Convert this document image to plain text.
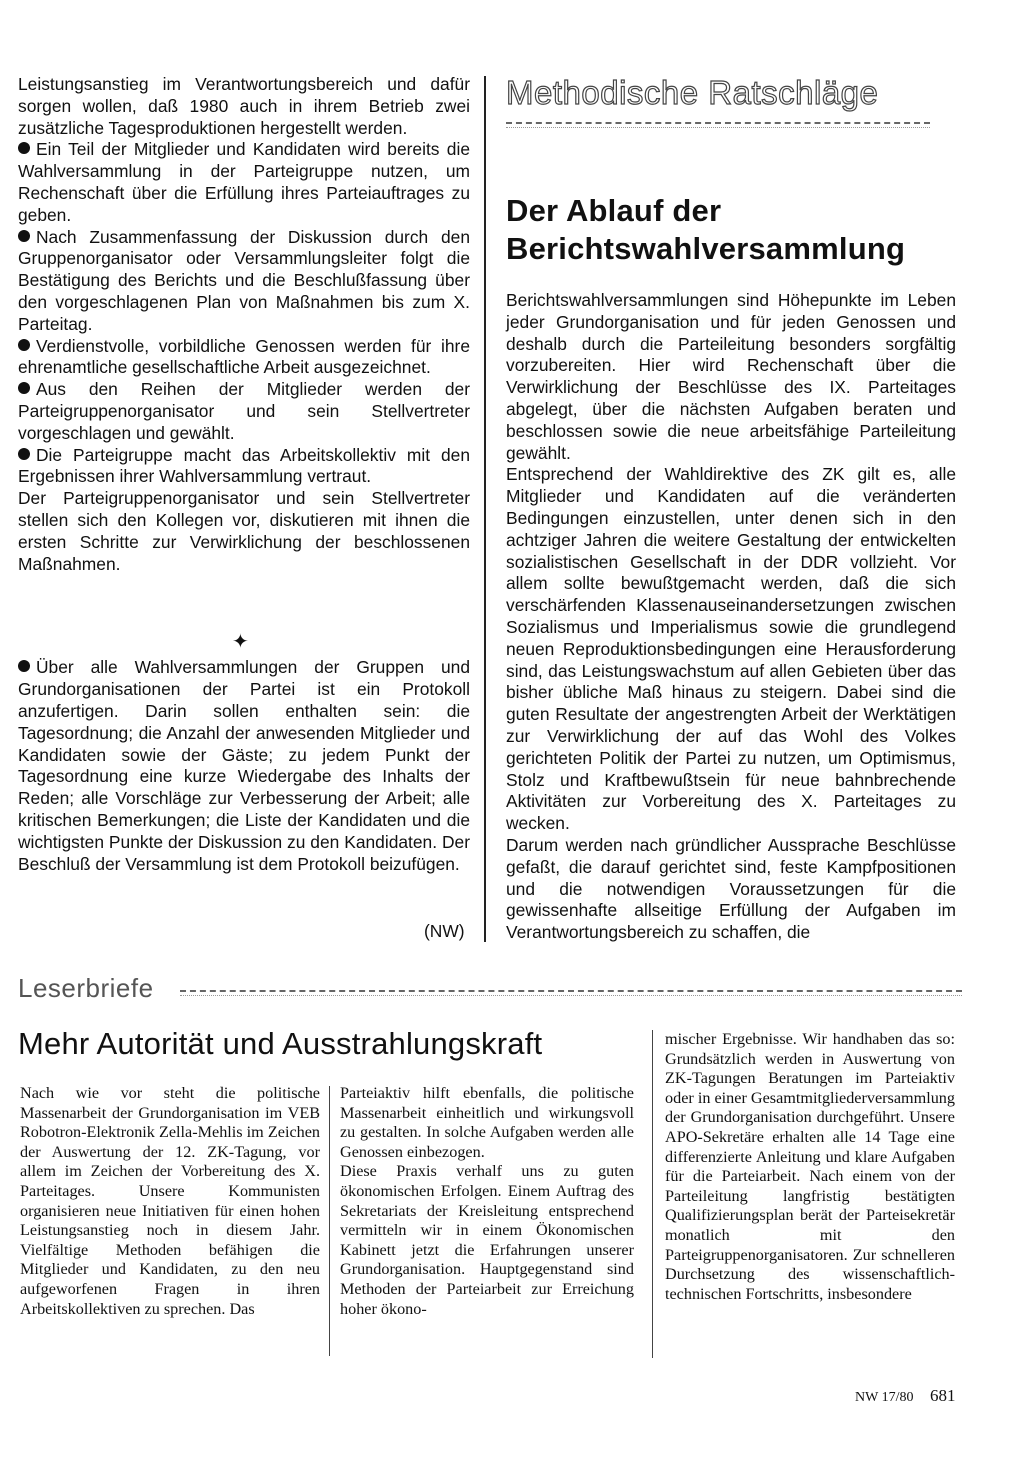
Leistungsanstieg im Verantwortungsbereich und dafür sorgen wollen, daß 1980 auch in ihrem Betrieb zwei zusätzliche Tagesproduktionen hergestellt werden.

Ein Teil der Mitglieder und Kandidaten wird bereits die Wahlversammlung in der Parteigruppe nutzen, um Rechenschaft über die Erfüllung ihres Parteiauftrages zu geben.

Nach Zusammenfassung der Diskussion durch den Gruppenorganisator oder Versammlungsleiter folgt die Bestätigung des Berichts und die Beschlußfassung über den vorgeschlagenen Plan von Maßnahmen bis zum X. Parteitag.

Verdienstvolle, vorbildliche Genossen werden für ihre ehrenamtliche gesellschaftliche Arbeit ausgezeichnet.

Aus den Reihen der Mitglieder werden der Parteigruppenorganisator und sein Stellvertreter vorgeschlagen und gewählt.

Die Parteigruppe macht das Arbeitskollektiv mit den Ergebnissen ihrer Wahlversammlung vertraut.

Der Parteigruppenorganisator und sein Stellvertreter stellen sich den Kollegen vor, diskutieren mit ihnen die ersten Schritte zur Verwirklichung der beschlossenen Maßnahmen.

Über alle Wahlversammlungen der Gruppen und Grundorganisationen der Partei ist ein Protokoll anzufertigen. Darin sollen enthalten sein: die Tagesordnung; die Anzahl der anwesenden Mitglieder und Kandidaten sowie der Gäste; zu jedem Punkt der Tagesordnung eine kurze Wiedergabe des Inhalts der Reden; alle Vorschläge zur Verbesserung der Arbeit; alle kritischen Bemerkungen; die Liste der Kandidaten und die wichtigsten Punkte der Diskussion zu den Kandidaten. Der Beschluß der Versammlung ist dem Protokoll beizufügen.

✦
(NW)
Methodische Ratschläge
Der Ablauf der Berichtswahlversammlung

Berichtswahlversammlungen sind Höhepunkte im Leben jeder Grundorganisation und für jeden Genossen und deshalb durch die Parteileitung besonders sorgfältig vorzubereiten. Hier wird Rechenschaft über die Verwirklichung der Beschlüsse des IX. Parteitages abgelegt, über die nächsten Aufgaben beraten und beschlossen sowie die neue arbeitsfähige Parteileitung gewählt.

Entsprechend der Wahldirektive des ZK gilt es, alle Mitglieder und Kandidaten auf die veränderten Bedingungen einzustellen, unter denen sich in den achtziger Jahren die weitere Gestaltung der entwickelten sozialistischen Gesellschaft in der DDR vollzieht. Vor allem sollte bewußtgemacht werden, daß die sich verschärfenden Klassenauseinandersetzungen zwischen Sozialismus und Imperialismus sowie die grundlegend neuen Reproduktionsbedingungen eine Herausforderung sind, das Leistungswachstum auf allen Gebieten über das bisher übliche Maß hinaus zu steigern. Dabei sind die guten Resultate der angestrengten Arbeit der Werktätigen zur Verwirklichung der auf das Wohl des Volkes gerichteten Politik der Partei zu nutzen, um Optimismus, Stolz und Kraftbewußtsein für neue bahnbrechende Aktivitäten zur Vorbereitung des X. Parteitages zu wecken.

Darum werden nach gründlicher Aussprache Beschlüsse gefaßt, die darauf gerichtet sind, feste Kampfpositionen und die notwendigen Voraussetzungen für die gewissenhafte allseitige Erfüllung der Aufgaben im Verantwortungsbereich zu schaffen, die

Leserbriefe
Mehr Autorität und Ausstrahlungskraft

Nach wie vor steht die politische Massenarbeit der Grundorganisation im VEB Robotron-Elektronik Zella-Mehlis im Zeichen der Auswertung der 12. ZK-Tagung, vor allem im Zeichen der Vorbereitung des X. Parteitages. Unsere Kommunisten organisieren neue Initiativen für einen hohen Leistungsanstieg noch in diesem Jahr. Vielfältige Methoden befähigen die Mitglieder und Kandidaten, zu den neu aufgeworfenen Fragen in ihren Arbeitskollektiven zu sprechen. Das

Parteiaktiv hilft ebenfalls, die politische Massenarbeit einheitlich und wirkungsvoll zu gestalten. In solche Aufgaben werden alle Genossen einbezogen.

Diese Praxis verhalf uns zu guten ökonomischen Erfolgen. Einem Auftrag des Sekretariats der Kreisleitung entsprechend vermitteln wir in einem Ökonomischen Kabinett jetzt die Erfahrungen unserer Grundorganisation. Hauptgegenstand sind Methoden der Parteiarbeit zur Erreichung hoher ökono-

mischer Ergebnisse. Wir handhaben das so: Grundsätzlich werden in Auswertung von ZK-Tagungen Beratungen im Parteiaktiv oder in einer Gesamtmitgliederversammlung der Grundorganisation durchgeführt. Unsere APO-Sekretäre erhalten alle 14 Tage eine differenzierte Anleitung und klare Aufgaben für die Parteiarbeit. Nach einem von der Parteileitung langfristig bestätigten Qualifizierungsplan berät der Parteisekretär monatlich mit den Parteigruppenorganisatoren. Zur schnelleren Durchsetzung des wissenschaftlich-technischen Fortschritts, insbesondere

NW 17/80 681
